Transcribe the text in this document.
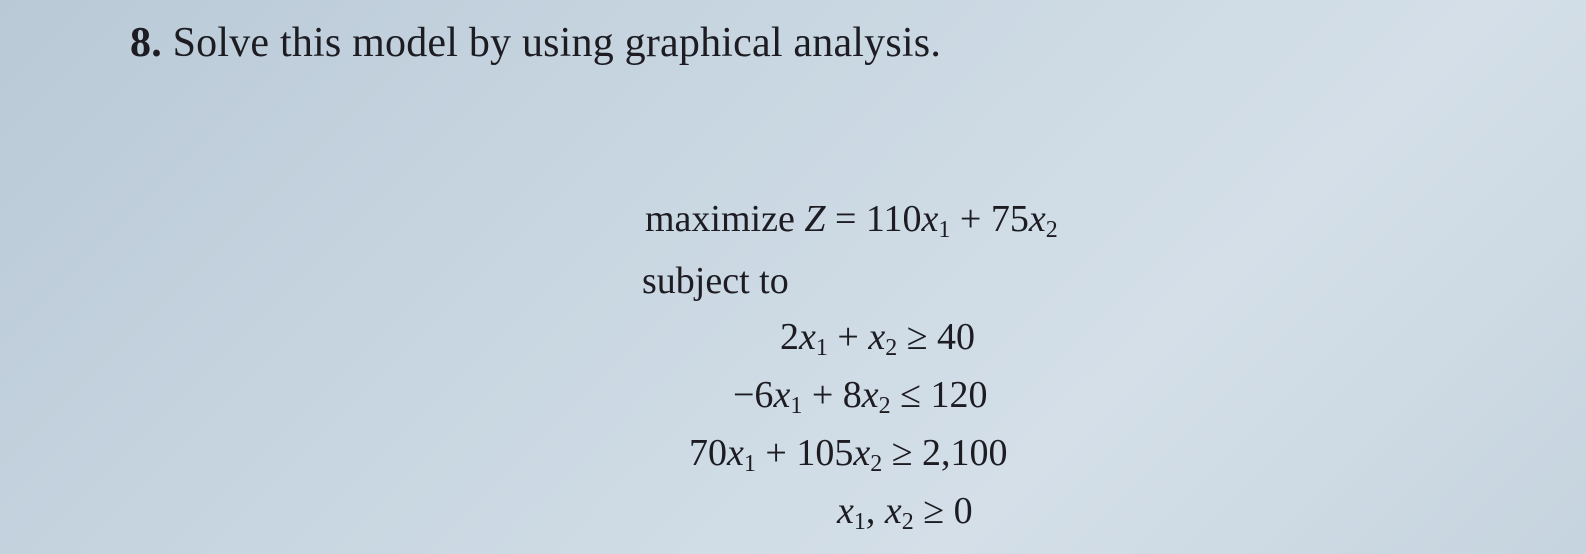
8. Solve this model by using graphical analysis.
maximize Z = 110x1 + 75x2
subject to
2x1 + x2 ≥ 40
−6x1 + 8x2 ≤ 120
70x1 + 105x2 ≥ 2,100
x1, x2 ≥ 0
